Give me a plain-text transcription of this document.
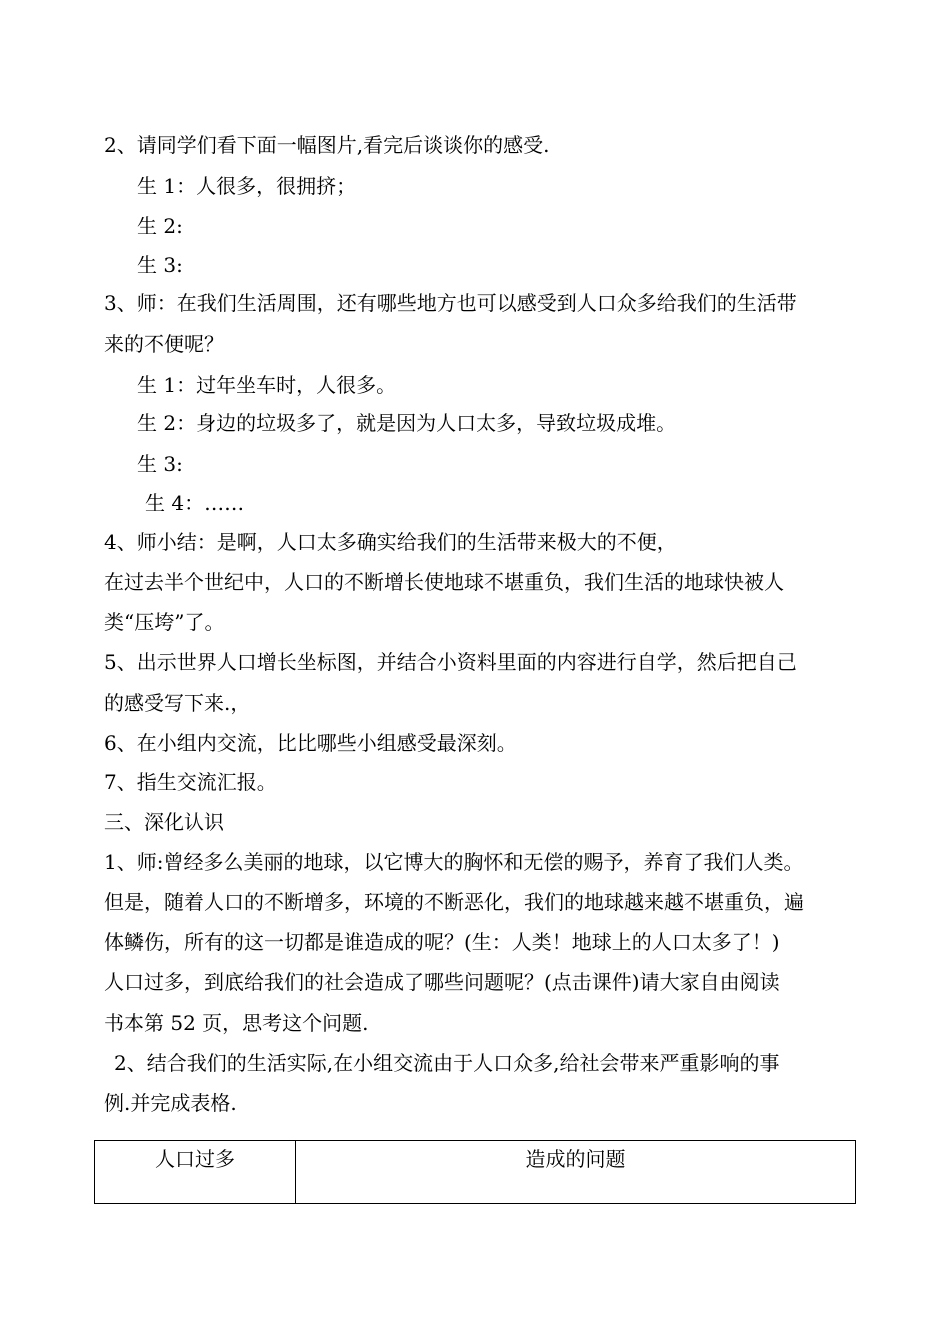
2、请同学们看下面一幅图片,看完后谈谈你的感受.
生 1：人很多，很拥挤；
生 2:
生 3:
3、师：在我们生活周围，还有哪些地方也可以感受到人口众多给我们的生活带
来的不便呢？
生 1：过年坐车时，人很多。
生 2：身边的垃圾多了，就是因为人口太多，导致垃圾成堆。
生 3:
生 4：……
4、师小结：是啊，人口太多确实给我们的生活带来极大的不便，
在过去半个世纪中，人口的不断增长使地球不堪重负，我们生活的地球快被人
类“压垮”了。
5、出示世界人口增长坐标图，并结合小资料里面的内容进行自学，然后把自己
的感受写下来.，
6、在小组内交流，比比哪些小组感受最深刻。
7、指生交流汇报。
三、深化认识
1、师:曾经多么美丽的地球，以它博大的胸怀和无偿的赐予，养育了我们人类。
但是，随着人口的不断增多，环境的不断恶化，我们的地球越来越不堪重负，遍
体鳞伤，所有的这一切都是谁造成的呢？(生：人类！地球上的人口太多了！)
人口过多，到底给我们的社会造成了哪些问题呢？(点击课件)请大家自由阅读
书本第 52 页，思考这个问题.
2、结合我们的生活实际,在小组交流由于人口众多,给社会带来严重影响的事
例.并完成表格.
人口过多	造成的问题
